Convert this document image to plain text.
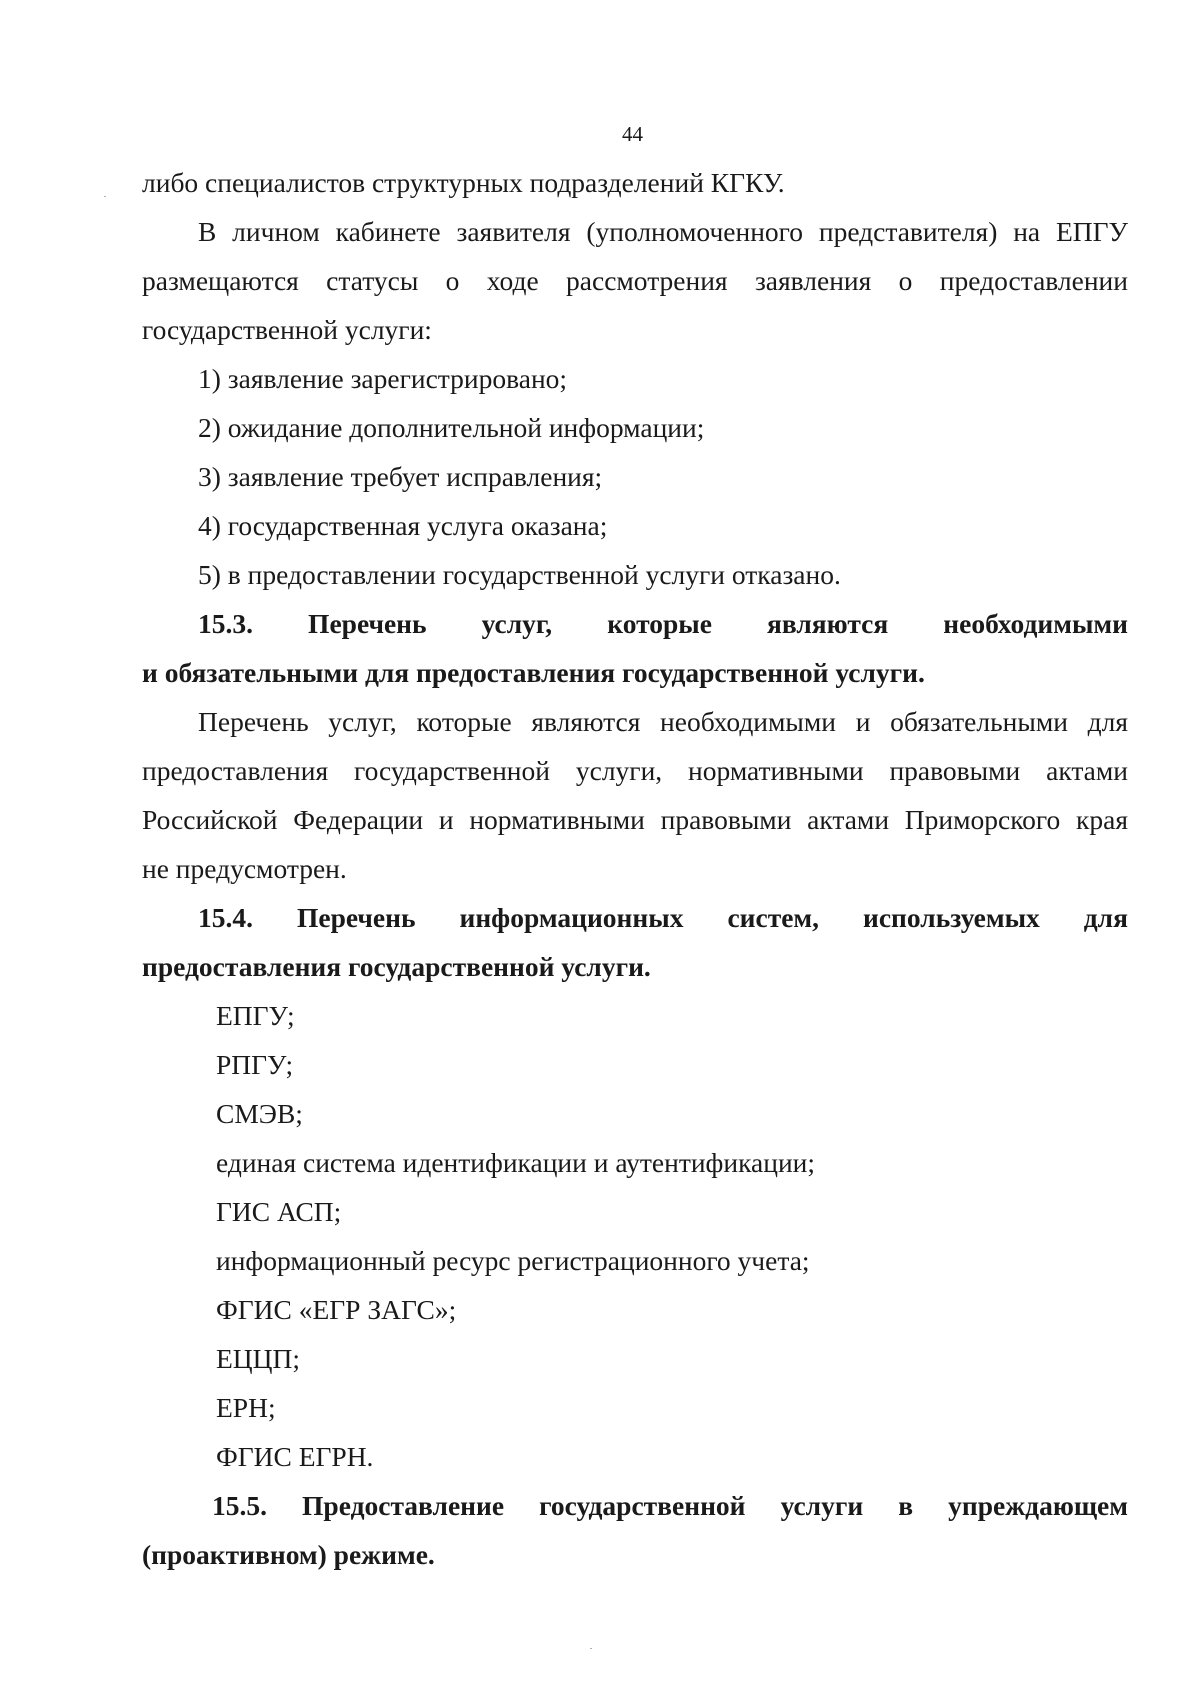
44

либо специалистов структурных подразделений КГКУ.

В личном кабинете заявителя (уполномоченного представителя) на ЕПГУ

размещаются статусы о ходе рассмотрения заявления о предоставлении

государственной услуги:

1) заявление зарегистрировано;

2) ожидание дополнительной информации;

3) заявление требует исправления;

4) государственная услуга оказана;

5) в предоставлении государственной услуги отказано.

15.3. Перечень услуг, которые являются необходимыми

и обязательными для предоставления государственной услуги.

Перечень услуг, которые являются необходимыми и обязательными для

предоставления государственной услуги, нормативными правовыми актами

Российской Федерации и нормативными правовыми актами Приморского края

не предусмотрен.

15.4. Перечень информационных систем, используемых для

предоставления государственной услуги.

ЕПГУ;

РПГУ;

СМЭВ;

единая система идентификации и аутентификации;

ГИС АСП;

информационный ресурс регистрационного учета;

ФГИС «ЕГР ЗАГС»;

ЕЦЦП;

ЕРН;

ФГИС ЕГРН.

15.5. Предоставление государственной услуги в упреждающем

(проактивном) режиме.
